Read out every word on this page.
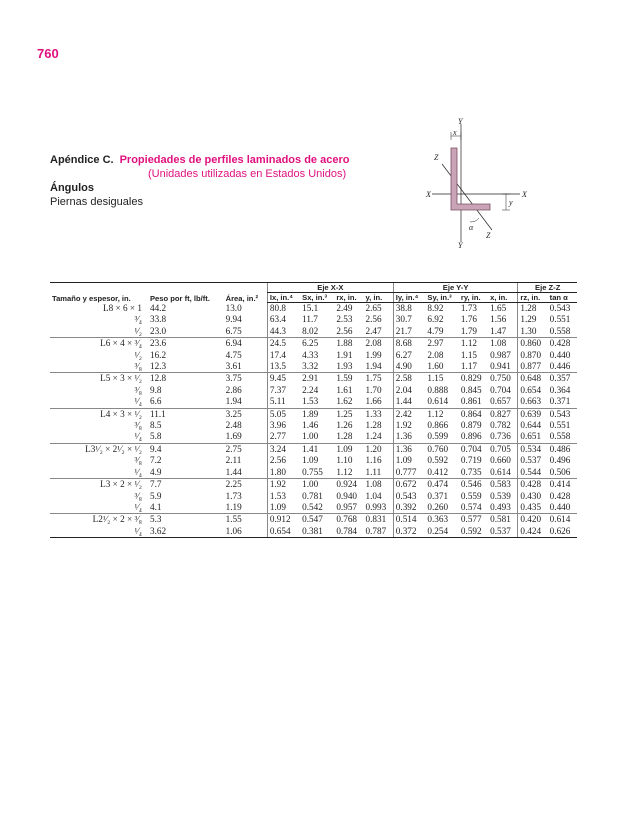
760
Apéndice C. Propiedades de perfiles laminados de acero
(Unidades utilizadas en Estados Unidos)
Ángulos
Piernas desiguales
Y
x
Z
X	X
y
α
Z
Y

Tamaño y espesor, in.	Peso por ft, lb/ft.	Área, in.²	Eje X-X				Eje Y-Y				Eje Z-Z	
			Ix, in.⁴	Sx, in.³	rx, in.	y, in.	Iy, in.⁴	Sy, in.³	ry, in.	x, in.	rz, in.	tan α
L8 × 6 × 1	44.2	13.0	80.8	15.1	2.49	2.65	38.8	8.92	1.73	1.65	1.28	0.543
³⁄₄	33.8	9.94	63.4	11.7	2.53	2.56	30.7	6.92	1.76	1.56	1.29	0.551
¹⁄₂	23.0	6.75	44.3	8.02	2.56	2.47	21.7	4.79	1.79	1.47	1.30	0.558
L6 × 4 × ³⁄₄	23.6	6.94	24.5	6.25	1.88	2.08	8.68	2.97	1.12	1.08	0.860	0.428
¹⁄₂	16.2	4.75	17.4	4.33	1.91	1.99	6.27	2.08	1.15	0.987	0.870	0.440
³⁄₈	12.3	3.61	13.5	3.32	1.93	1.94	4.90	1.60	1.17	0.941	0.877	0.446
L5 × 3 × ¹⁄₂	12.8	3.75	9.45	2.91	1.59	1.75	2.58	1.15	0.829	0.750	0.648	0.357
³⁄₈	9.8	2.86	7.37	2.24	1.61	1.70	2.04	0.888	0.845	0.704	0.654	0.364
¹⁄₄	6.6	1.94	5.11	1.53	1.62	1.66	1.44	0.614	0.861	0.657	0.663	0.371
L4 × 3 × ¹⁄₂	11.1	3.25	5.05	1.89	1.25	1.33	2.42	1.12	0.864	0.827	0.639	0.543
³⁄₈	8.5	2.48	3.96	1.46	1.26	1.28	1.92	0.866	0.879	0.782	0.644	0.551
¹⁄₄	5.8	1.69	2.77	1.00	1.28	1.24	1.36	0.599	0.896	0.736	0.651	0.558
L3¹⁄₂ × 2¹⁄₂ × ¹⁄₂	9.4	2.75	3.24	1.41	1.09	1.20	1.36	0.760	0.704	0.705	0.534	0.486
³⁄₈	7.2	2.11	2.56	1.09	1.10	1.16	1.09	0.592	0.719	0.660	0.537	0.496
¹⁄₄	4.9	1.44	1.80	0.755	1.12	1.11	0.777	0.412	0.735	0.614	0.544	0.506
L3 × 2 × ¹⁄₂	7.7	2.25	1.92	1.00	0.924	1.08	0.672	0.474	0.546	0.583	0.428	0.414
³⁄₈	5.9	1.73	1.53	0.781	0.940	1.04	0.543	0.371	0.559	0.539	0.430	0.428
¹⁄₄	4.1	1.19	1.09	0.542	0.957	0.993	0.392	0.260	0.574	0.493	0.435	0.440
L2¹⁄₂ × 2 × ³⁄₈	5.3	1.55	0.912	0.547	0.768	0.831	0.514	0.363	0.577	0.581	0.420	0.614
¹⁄₄	3.62	1.06	0.654	0.381	0.784	0.787	0.372	0.254	0.592	0.537	0.424	0.626
